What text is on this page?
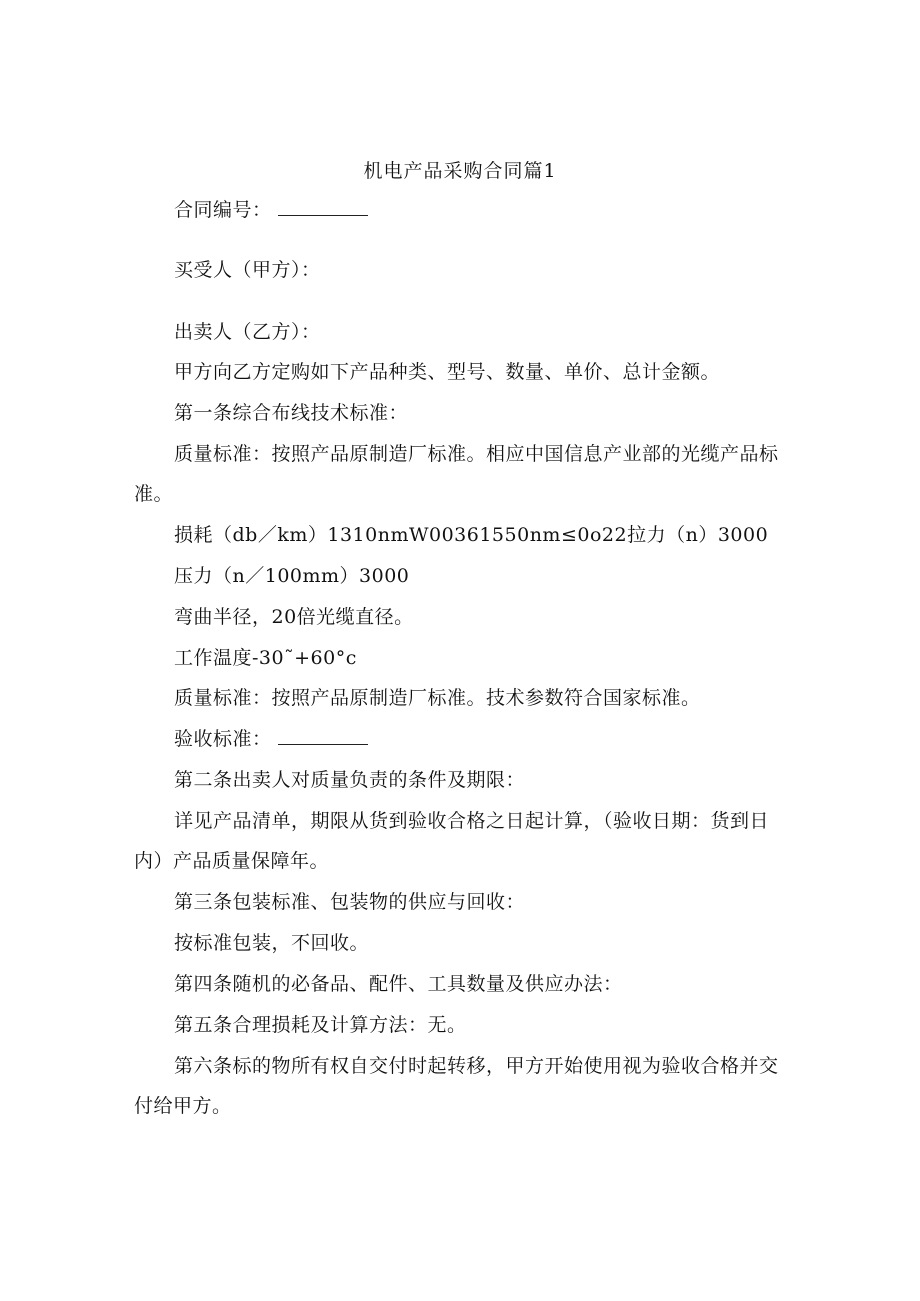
机电产品采购合同篇1
合同编号：
买受人（甲方）：
出卖人（乙方）：
甲方向乙方定购如下产品种类、型号、数量、单价、总计金额。
第一条综合布线技术标准：
质量标准：按照产品原制造厂标准。相应中国信息产业部的光缆产品标准。
损耗（db／km）1310nmW00361550nm≤0o22拉力（n）3000
压力（n／100mm）3000
弯曲半径，20倍光缆直径。
工作温度-30˜+60°c
质量标准：按照产品原制造厂标准。技术参数符合国家标准。
验收标准：
第二条出卖人对质量负责的条件及期限：
详见产品清单，期限从货到验收合格之日起计算，（验收日期：货到日内）产品质量保障年。
第三条包装标准、包装物的供应与回收：
按标准包装，不回收。
第四条随机的必备品、配件、工具数量及供应办法：
第五条合理损耗及计算方法：无。
第六条标的物所有权自交付时起转移，甲方开始使用视为验收合格并交付给甲方。
